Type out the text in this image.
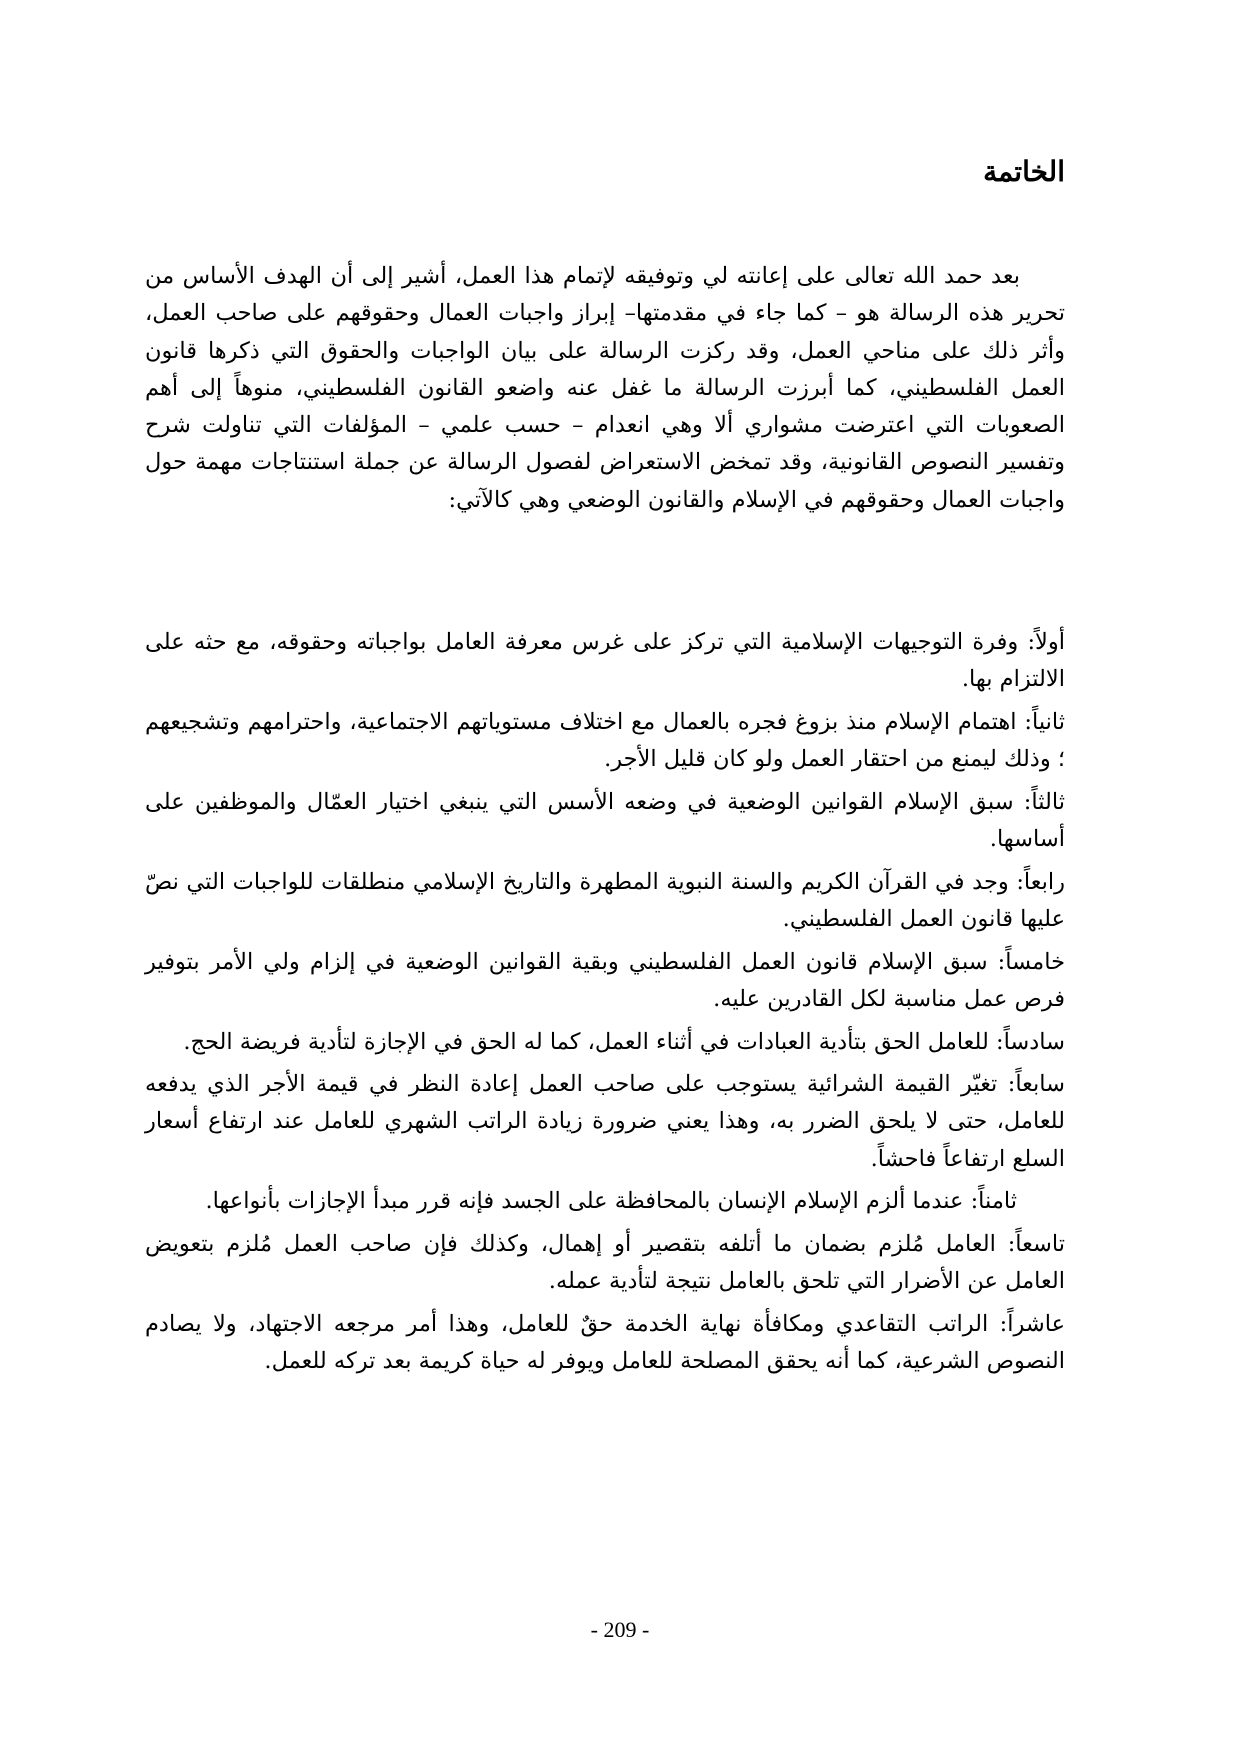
الخاتمة

بعد حمد الله تعالى على إعانته لي وتوفيقه لإتمام هذا العمل، أشير إلى أن الهدف الأساس من تحرير هذه الرسالة هو – كما جاء في مقدمتها– إبراز واجبات العمال وحقوقهم على صاحب العمل، وأثر ذلك على مناحي العمل، وقد ركزت الرسالة على بيان الواجبات والحقوق التي ذكرها قانون العمل الفلسطيني، كما أبرزت الرسالة ما غفل عنه واضعو القانون الفلسطيني، منوهاً إلى أهم الصعوبات التي اعترضت مشواري ألا وهي انعدام – حسب علمي – المؤلفات التي تناولت شرح وتفسير النصوص القانونية، وقد تمخض الاستعراض لفصول الرسالة عن جملة استنتاجات مهمة حول واجبات العمال وحقوقهم في الإسلام والقانون الوضعي وهي كالآتي:

أولاً: وفرة التوجيهات الإسلامية التي تركز على غرس معرفة العامل بواجباته وحقوقه، مع حثه على الالتزام بها.
ثانياً: اهتمام الإسلام منذ بزوغ فجره بالعمال مع اختلاف مستوياتهم الاجتماعية، واحترامهم وتشجيعهم ؛ وذلك ليمنع من احتقار العمل ولو كان قليل الأجر.
ثالثاً: سبق الإسلام القوانين الوضعية في وضعه الأسس التي ينبغي اختيار العمّال والموظفين على أساسها.
رابعاً: وجد في القرآن الكريم والسنة النبوية المطهرة والتاريخ الإسلامي منطلقات للواجبات التي نصّ عليها قانون العمل الفلسطيني.
خامساً: سبق الإسلام قانون العمل الفلسطيني وبقية القوانين الوضعية في إلزام ولي الأمر بتوفير فرص عمل مناسبة لكل القادرين عليه.
سادساً: للعامل الحق بتأدية العبادات في أثناء العمل، كما له الحق في الإجازة لتأدية فريضة الحج.
سابعاً: تغيّر القيمة الشرائية يستوجب على صاحب العمل إعادة النظر في قيمة الأجر الذي يدفعه للعامل، حتى لا يلحق الضرر به، وهذا يعني ضرورة زيادة الراتب الشهري للعامل عند ارتفاع أسعار السلع ارتفاعاً فاحشاً.
ثامناً: عندما ألزم الإسلام الإنسان بالمحافظة على الجسد فإنه قرر مبدأ الإجازات بأنواعها.
تاسعاً: العامل مُلزم بضمان ما أتلفه بتقصير أو إهمال، وكذلك فإن صاحب العمل مُلزم بتعويض العامل عن الأضرار التي تلحق بالعامل نتيجة لتأدية عمله.
عاشراً: الراتب التقاعدي ومكافأة نهاية الخدمة حقٌ للعامل، وهذا أمر مرجعه الاجتهاد، ولا يصادم النصوص الشرعية، كما أنه يحقق المصلحة للعامل ويوفر له حياة كريمة بعد تركه للعمل.

- 209 -
